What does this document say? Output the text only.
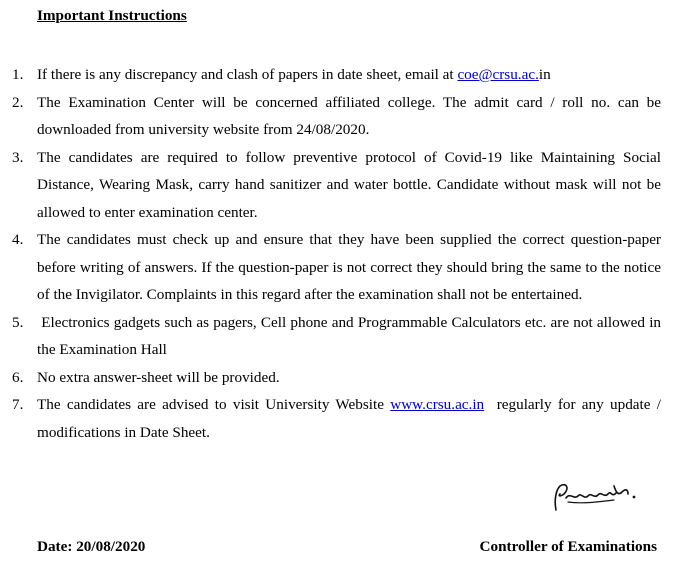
Important Instructions
1. If there is any discrepancy and clash of papers in date sheet, email at coe@crsu.ac.in
2. The Examination Center will be concerned affiliated college. The admit card / roll no. can be downloaded from university website from 24/08/2020.
3. The candidates are required to follow preventive protocol of Covid-19 like Maintaining Social Distance, Wearing Mask, carry hand sanitizer and water bottle. Candidate without mask will not be allowed to enter examination center.
4. The candidates must check up and ensure that they have been supplied the correct question-paper before writing of answers. If the question-paper is not correct they should bring the same to the notice of the Invigilator. Complaints in this regard after the examination shall not be entertained.
5. Electronics gadgets such as pagers, Cell phone and Programmable Calculators etc. are not allowed in the Examination Hall
6. No extra answer-sheet will be provided.
7. The candidates are advised to visit University Website www.crsu.ac.in  regularly for any update / modifications in Date Sheet.
Date: 20/08/2020	Controller of Examinations
